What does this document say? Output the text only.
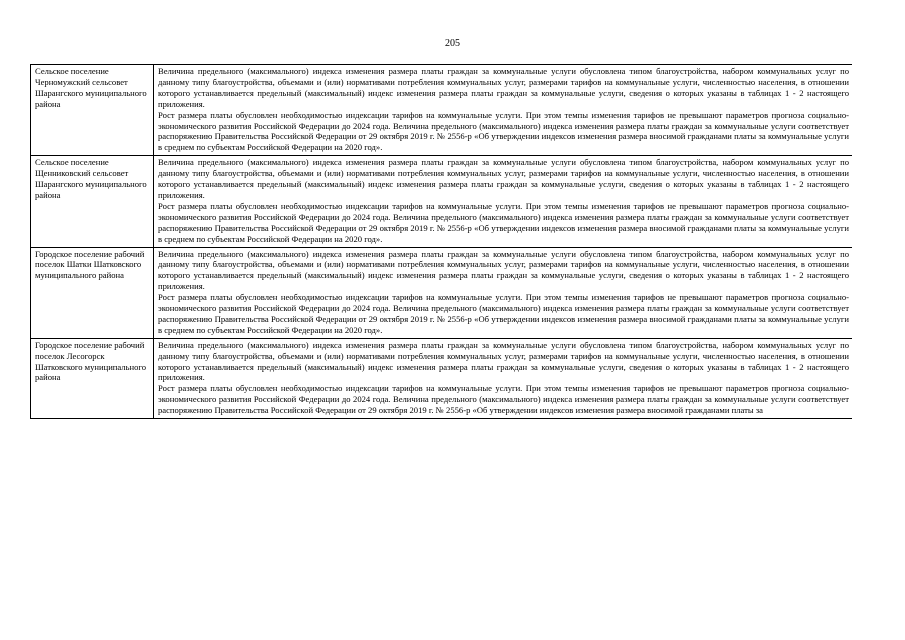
205
Сельское поселение Черномужский сельсовет Шарангского муниципального района	Величина предельного (максимального) индекса изменения размера платы граждан за коммунальные услуги обусловлена типом благоустройства, набором коммунальных услуг по данному типу благоустройства, объемами и (или) нормативами потребления коммунальных услуг, размерами тарифов на коммунальные услуги, численностью населения, в отношении которого устанавливается предельный (максимальный) индекс изменения размера платы граждан за коммунальные услуги, сведения о которых указаны в таблицах 1 - 2 настоящего приложения.

Рост размера платы обусловлен необходимостью индексации тарифов на коммунальные услуги. При этом темпы изменения тарифов не превышают параметров прогноза социально-экономического развития Российской Федерации до 2024 года. Величина предельного (максимального) индекса изменения размера платы граждан за коммунальные услуги соответствует распоряжению Правительства Российской Федерации от 29 октября 2019 г. № 2556-р «Об утверждении индексов изменения размера вносимой гражданами платы за коммунальные услуги в среднем по субъектам Российской Федерации на 2020 год».

Сельское поселение Щенниковский сельсовет Шарангского муниципального района	Величина предельного (максимального) индекса изменения размера платы граждан за коммунальные услуги обусловлена типом благоустройства, набором коммунальных услуг по данному типу благоустройства, объемами и (или) нормативами потребления коммунальных услуг, размерами тарифов на коммунальные услуги, численностью населения, в отношении которого устанавливается предельный (максимальный) индекс изменения размера платы граждан за коммунальные услуги, сведения о которых указаны в таблицах 1 - 2 настоящего приложения.

Рост размера платы обусловлен необходимостью индексации тарифов на коммунальные услуги. При этом темпы изменения тарифов не превышают параметров прогноза социально-экономического развития Российской Федерации до 2024 года. Величина предельного (максимального) индекса изменения размера платы граждан за коммунальные услуги соответствует распоряжению Правительства Российской Федерации от 29 октября 2019 г. № 2556-р «Об утверждении индексов изменения размера вносимой гражданами платы за коммунальные услуги в среднем по субъектам Российской Федерации на 2020 год».

Городское поселение рабочий поселок Шатки Шатковского муниципального района	Величина предельного (максимального) индекса изменения размера платы граждан за коммунальные услуги обусловлена типом благоустройства, набором коммунальных услуг по данному типу благоустройства, объемами и (или) нормативами потребления коммунальных услуг, размерами тарифов на коммунальные услуги, численностью населения, в отношении которого устанавливается предельный (максимальный) индекс изменения размера платы граждан за коммунальные услуги, сведения о которых указаны в таблицах 1 - 2 настоящего приложения.

Рост размера платы обусловлен необходимостью индексации тарифов на коммунальные услуги. При этом темпы изменения тарифов не превышают параметров прогноза социально-экономического развития Российской Федерации до 2024 года. Величина предельного (максимального) индекса изменения размера платы граждан за коммунальные услуги соответствует распоряжению Правительства Российской Федерации от 29 октября 2019 г. № 2556-р «Об утверждении индексов изменения размера вносимой гражданами платы за коммунальные услуги в среднем по субъектам Российской Федерации на 2020 год».

Городское поселение рабочий поселок Лесогорск Шатковского муниципального района	Величина предельного (максимального) индекса изменения размера платы граждан за коммунальные услуги обусловлена типом благоустройства, набором коммунальных услуг по данному типу благоустройства, объемами и (или) нормативами потребления коммунальных услуг, размерами тарифов на коммунальные услуги, численностью населения, в отношении которого устанавливается предельный (максимальный) индекс изменения размера платы граждан за коммунальные услуги, сведения о которых указаны в таблицах 1 - 2 настоящего приложения.

Рост размера платы обусловлен необходимостью индексации тарифов на коммунальные услуги. При этом темпы изменения тарифов не превышают параметров прогноза социально-экономического развития Российской Федерации до 2024 года. Величина предельного (максимального) индекса изменения размера платы граждан за коммунальные услуги соответствует распоряжению Правительства Российской Федерации от 29 октября 2019 г. № 2556-р «Об утверждении индексов изменения размера вносимой гражданами платы за
